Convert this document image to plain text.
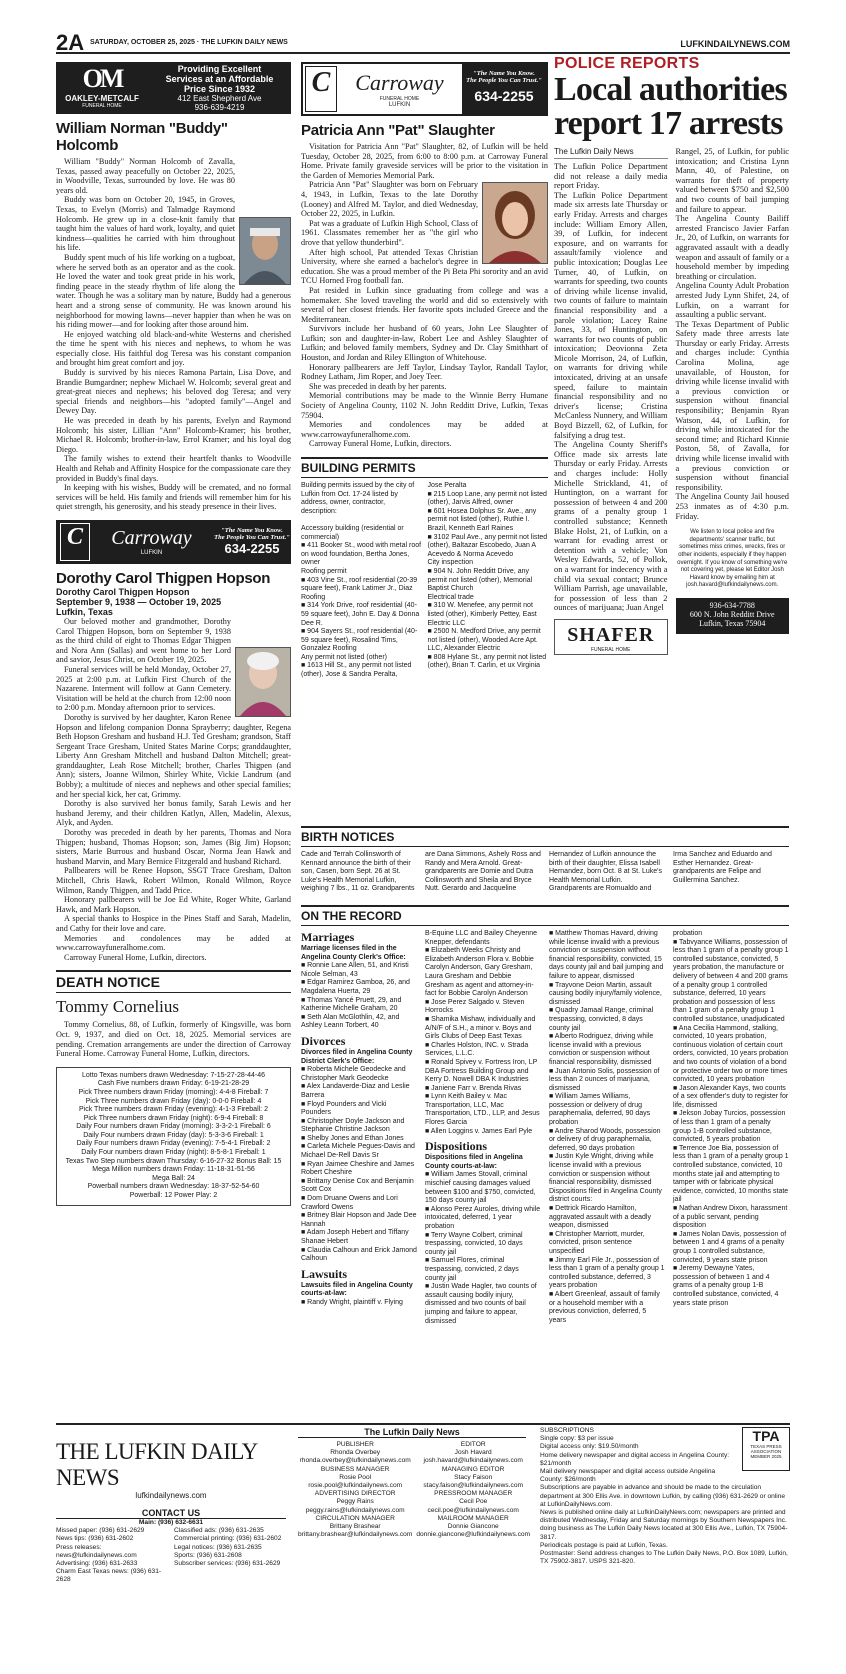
2A SATURDAY, OCTOBER 25, 2025 · THE LUFKIN DAILY NEWS	LUFKINDAILYNEWS.COM
OM
OAKLEY-METCALF
FUNERAL HOME
Providing Excellent
Services at an Affordable
Price Since 1932
412 East Shepherd Ave
936-639-4219
William Norman "Buddy" Holcomb

William "Buddy" Norman Holcomb of Zavalla, Texas, passed away peacefully on October 22, 2025, in Woodville, Texas, surrounded by love. He was 80 years old.

Buddy was born on October 20, 1945, in Groves, Texas, to Evelyn (Morris) and Talmadge Raymond Holcomb. He grew up in a close-knit family that taught him the values of hard work, loyalty, and quiet kindness—qualities he carried with him throughout his life.

Buddy spent much of his life working on a tugboat, where he served both as an operator and as the cook. He loved the water and took great pride in his work, finding peace in the steady rhythm of life along the water. Though he was a solitary man by nature, Buddy had a generous heart and a strong sense of community. He was known around his neighborhood for mowing lawns—never happier than when he was on his riding mower—and for looking after those around him.

He enjoyed watching old black-and-white Westerns and cherished the time he spent with his nieces and nephews, to whom he was especially close. His faithful dog Teresa was his constant companion and brought him great comfort and joy.

Buddy is survived by his nieces Ramona Partain, Lisa Dove, and Brandie Bumgardner; nephew Michael W. Holcomb; several great and great-great nieces and nephews; his beloved dog Teresa; and very special friends and neighbors—his "adopted family"—Angel and Dewey Day.

He was preceded in death by his parents, Evelyn and Raymond Holcomb; his sister, Lillian "Ann" Holcomb-Kramer; his brother, Michael R. Holcomb; brother-in-law, Errol Kramer; and his loyal dog Diego.

The family wishes to extend their heartfelt thanks to Woodville Health and Rehab and Affinity Hospice for the compassionate care they provided in Buddy's final days.

In keeping with his wishes, Buddy will be cremated, and no formal services will be held. His family and friends will remember him for his quiet strength, his generosity, and his steady presence in their lives.

C	Carroway
LUFKIN
"The Name You Know.
The People You Can Trust."
634-2255
Dorothy Carol Thigpen Hopson
Dorothy Carol Thigpen Hopson
September 9, 1938 — October 19, 2025
Lufkin, Texas

Our beloved mother and grandmother, Dorothy Carol Thigpen Hopson, born on September 9, 1938 as the third child of eight to Thomas Edgar Thigpen and Nora Ann (Sallas) and went home to her Lord and savior, Jesus Christ, on October 19, 2025.

Funeral services will be held Monday, October 27, 2025 at 2:00 p.m. at Lufkin First Church of the Nazarene. Interment will follow at Gann Cemetery. Visitation will be held at the church from 12:00 noon to 2:00 p.m. Monday afternoon prior to services.

Dorothy is survived by her daughter, Karon Renee Hopson and lifelong companion Donna Sprayberry; daughter, Regena Beth Hopson Gresham and husband H.J. Ted Gresham; grandson, Staff Sergeant Trace Gresham, United States Marine Corps; granddaughter, Liberty Ann Gresham Mitchell and husband Dalton Mitchell; great-granddaughter, Leah Rose Mitchell; brother, Charles Thigpen (and Ann); sisters, Joanne Wilmon, Shirley White, Vickie Landrum (and Bobby); a multitude of nieces and nephews and other special families; and her special kick, her cat, Grimmy.

Dorothy is also survived her bonus family, Sarah Lewis and her husband Jeremy, and their children Katlyn, Allen, Madelin, Alexus, Alyk, and Ayden.

Dorothy was preceded in death by her parents, Thomas and Nora Thigpen; husband, Thomas Hopson; son, James (Big Jim) Hopson; sisters, Marie Burrous and husband Oscar, Norma Jean Hawk and husband Marvin, and Mary Bernice Fitzgerald and husband Richard.

Pallbearers will be Renee Hopson, SSGT Trace Gresham, Dalton Mitchell, Chris Hawk, Robert Wilmon, Ronald Wilmon, Royce Wilmon, Randy Thigpen, and Tadd Price.

Honorary pallbearers will be Joe Ed White, Roger White, Garland Hawk, and Mark Hopson.

A special thanks to Hospice in the Pines Staff and Sarah, Madelin, and Cathy for their love and care.

Memories and condolences may be added at www.carrowayfuneralhome.com.

Carroway Funeral Home, Lufkin, directors.

DEATH NOTICE
Tommy Cornelius

Tommy Cornelius, 88, of Lufkin, formerly of Kingsville, was born Oct. 9, 1937, and died on Oct. 18, 2025. Memorial services are pending. Cremation arrangements are under the direction of Carroway Funeral Home. Carroway Funeral Home, Lufkin, directors.

Lotto Texas numbers drawn Wednesday: 7-15-27-28-44-46
Cash Five numbers drawn Friday: 6-19-21-28-29
Pick Three numbers drawn Friday (morning): 4-4-8 Fireball: 7
Pick Three numbers drawn Friday (day): 0-0-0 Fireball: 4
Pick Three numbers drawn Friday (evening): 4-1-3 Fireball: 2
Pick Three numbers drawn Friday (night): 6-9-4 Fireball: 8
Daily Four numbers drawn Friday (morning): 3-3-2-1 Fireball: 6
Daily Four numbers drawn Friday (day): 5-3-3-6 Fireball: 1
Daily Four numbers drawn Friday (evening): 7-5-4-1 Fireball: 2
Daily Four numbers drawn Friday (night): 8-5-8-1 Fireball: 1
Texas Two Step numbers drawn Thursday: 6-16-27-32 Bonus Ball: 15
Mega Million numbers drawn Friday: 11-18-31-51-56
Mega Ball: 24
Powerball numbers drawn Wednesday: 18-37-52-54-60
Powerball: 12 Power Play: 2
C	Carroway
FUNERAL HOME
LUFKIN
"The Name You Know.
The People You Can Trust."
634-2255
Patricia Ann "Pat" Slaughter

Visitation for Patricia Ann "Pat" Slaughter, 82, of Lufkin will be held Tuesday, October 28, 2025, from 6:00 to 8:00 p.m. at Carroway Funeral Home. Private family graveside services will be prior to the visitation in the Garden of Memories Memorial Park.

Patricia Ann "Pat" Slaughter was born on February 4, 1943, in Lufkin, Texas to the late Dorothy (Looney) and Alfred M. Taylor, and died Wednesday, October 22, 2025, in Lufkin.

Pat was a graduate of Lufkin High School, Class of 1961. Classmates remember her as "the girl who drove that yellow thunderbird".

After high school, Pat attended Texas Christian University, where she earned a bachelor's degree in education. She was a proud member of the Pi Beta Phi sorority and an avid TCU Horned Frog football fan.

Pat resided in Lufkin since graduating from college and was a homemaker. She loved traveling the world and did so extensively with several of her closest friends. Her favorite spots included Greece and the Mediterranean.

Survivors include her husband of 60 years, John Lee Slaughter of Lufkin; son and daughter-in-law, Robert Lee and Ashley Slaughter of Lufkin; and beloved family members, Sydney and Dr. Clay Smithhart of Houston, and Jordan and Riley Ellington of Whitehouse.

Honorary pallbearers are Jeff Taylor, Lindsay Taylor, Randall Taylor, Rodney Latham, Jim Roper, and Joey Teer.

She was preceded in death by her parents.

Memorial contributions may be made to the Winnie Berry Humane Society of Angelina County, 1102 N. John Redditt Drive, Lufkin, Texas 75904.

Memories and condolences may be added at www.carrowayfuneralhome.com.

Carroway Funeral Home, Lufkin, directors.

BUILDING PERMITS
Building permits issued by the city of Lufkin from Oct. 17-24 listed by address, owner, contractor, description:

Accessory building (residential or commercial)
■ 411 Booker St., wood with metal roof on wood foundation, Bertha Jones, owner
Roofing permit
■ 403 Vine St., roof residential (20-39 square feet), Frank Latimer Jr., Diaz Roofing
■ 314 York Drive, roof residential (40-59 square feet), John E. Day & Donna Dee R.
■ 904 Sayers St., roof residential (40-59 square feet), Rosalind Tims, Gonzalez Roofing
Any permit not listed (other)
■ 1613 Hill St., any permit not listed (other), Jose & Sandra Peralta,
Jose Peralta
■ 215 Loop Lane, any permit not listed (other), Jarvis Alfred, owner
■ 601 Hosea Dolphus Sr. Ave., any permit not listed (other), Ruthie I. Brazil, Kenneth Earl Raines
■ 3102 Paul Ave., any permit not listed (other), Baltazar Escobedo, Juan A Acevedo & Norma Acevedo
City inspection
■ 904 N. John Redditt Drive, any permit not listed (other), Memorial Baptist Church
Electrical trade
■ 310 W. Menefee, any permit not listed (other), Kimberly Pettey, East Electric LLC
■ 2500 N. Medford Drive, any permit not listed (other), Wooded Acre Apt. LLC, Alexander Electric
■ 808 Hylane St., any permit not listed (other), Brian T. Carlin, et ux Virginia
POLICE REPORTS
Local authorities report 17 arrests
The Lufkin Daily News
The Lufkin Police Department did not release a daily media report Friday.
The Lufkin Police Department made six arrests late Thursday or early Friday. Arrests and charges include: William Emory Allen, 39, of Lufkin, for indecent exposure, and on warrants for assault/family violence and public intoxication; Douglas Lee Turner, 40, of Lufkin, on warrants for speeding, two counts of driving while license invalid, two counts of failure to maintain financial responsibility and a parole violation; Lacey Raine Jones, 33, of Huntington, on warrants for two counts of public intoxication; Deovionna Zeta Micole Morrison, 24, of Lufkin, on warrants for driving while intoxicated, driving at an unsafe speed, failure to maintain financial responsibility and no driver's license; Cristina McCanless Nunnery, and William Boyd Bizzell, 62, of Lufkin, for falsifying a drug test.
The Angelina County Sheriff's Office made six arrests late Thursday or early Friday. Arrests and charges include: Holly Michelle Strickland, 41, of Huntington, on a warrant for possession of between 4 and 200 grams of a penalty group 1 controlled substance; Kenneth Blake Holst, 21, of Lufkin, on a warrant for evading arrest or detention with a vehicle; Von Wesley Edwards, 52, of Pollok, on a warrant for indecency with a child via sexual contact; Brunce William Parrish, age unavailable, for possession of less than 2 ounces of marijuana; Juan Angel
SHAFER
FUNERAL HOME
Rangel, 25, of Lufkin, for public intoxication; and Cristina Lynn Mann, 40, of Palestine, on warrants for theft of property valued between $750 and $2,500 and two counts of bail jumping and failure to appear.
The Angelina County Bailiff arrested Francisco Javier Farfan Jr., 20, of Lufkin, on warrants for aggravated assault with a deadly weapon and assault of family or a household member by impeding breathing or circulation.
Angelina County Adult Probation arrested Judy Lynn Shifet, 24, of Lufkin, on a warrant for assaulting a public servant.
The Texas Department of Public Safety made three arrests late Thursday or early Friday. Arrests and charges include: Cynthia Carolina Molina, age unavailable, of Houston, for driving while license invalid with a previous conviction or suspension without financial responsibility; Benjamin Ryan Watson, 44, of Lufkin, for driving while intoxicated for the second time; and Richard Kinnie Poston, 58, of Zavalla, for driving while license invalid with a previous conviction or suspension without financial responsibility.
The Angelina County Jail housed 253 inmates as of 4:30 p.m. Friday.
We listen to local police and fire departments' scanner traffic, but sometimes miss crimes, wrecks, fires or other incidents, especially if they happen overnight. If you know of something we're not covering yet, please let Editor Josh Havard know by emailing him at josh.havard@lufkindailynews.com.
936-634-7788
600 N. John Redditt Drive
Lufkin, Texas 75904
BIRTH NOTICES
Cade and Terrah Collinsworth of Kennard announce the birth of their son, Casen, born Sept. 26 at St. Luke's Health Memorial Lufkin, weighing 7 lbs., 11 oz. Grandparents are Dana Simmons, Ashely Ross and Randy and Mera Arnold. Great-grandparents are Domie and Dutra Collinsworth and Sheila and Bryce Nutt. Gerardo and Jacqueline Hernandez of Lufkin announce the birth of their daughter, Elissa Isabell Hernandez, born Oct. 8 at St. Luke's Health Memorial Lufkin. Grandparents are Romualdo and Irma Sanchez and Eduardo and Esther Hernandez. Great-grandparents are Felipe and Guillermina Sanchez.
ON THE RECORD
Marriages
Marriage licenses filed in the Angelina County Clerk's Office:
■ Ronnie Lane Allen, 51, and Kristi Nicole Selman, 43
■ Edgar Ramirez Gamboa, 26, and Magdalena Huerta, 29
■ Thomas Yancé Pruett, 29, and Katherine Michelle Graham, 20
■ Seth Alan McGlothlin, 42, and Ashley Leann Torbert, 40
Divorces
Divorces filed in Angelina County District Clerk's Office:
■ Roberta Michele Geodecke and Christopher Mark Geodecke
■ Alex Landaverde-Diaz and Leslie Barrera
■ Floyd Pounders and Vicki Pounders
■ Christopher Doyle Jackson and Stephanie Christine Jackson
■ Shelby Jones and Ethan Jones
■ Carleta Michele Pegues-Davis and Michael De-Rell Davis Sr
■ Ryan Jaimee Cheshire and James Robert Cheshire
■ Brittany Denise Cox and Benjamin Scott Cox
■ Dom Druane Owens and Lori Crawford Owens
■ Britney Blair Hopson and Jade Dee Hannah
■ Adam Joseph Hebert and Tiffany Shanae Hebert
■ Claudia Calhoun and Erick Jamond Calhoun
Lawsuits
Lawsuits filed in Angelina County courts-at-law:
■ Randy Wright, plaintiff v. Flying
B-Equine LLC and Bailey Cheyenne Knepper, defendants
■ Elizabeth Weeks Christy and Elizabeth Anderson Flora v. Bobbie Carolyn Anderson, Gary Gresham, Laura Gresham and Debbie Gresham as agent and attorney-in-fact for Bobbie Carolyn Anderson
■ Jose Perez Salgado v. Steven Horrocks
■ Shamika Mishaw, individually and A/N/F of S.H., a minor v. Boys and Girls Clubs of Deep East Texas
■ Charles Holston, INC. v. Strada Services, L.L.C.
■ Ronald Spivey v. Fortress Iron, LP DBA Fortress Building Group and Kerry D. Nowell DBA K Industries
■ Janiene Farr v. Brenda Rivas
■ Lynn Keith Bailey v. Mac Transportation, LLC, Mac Transportation, LTD., LLP, and Jesus Flores Garcia
■ Allen Loggins v. James Earl Pyle
Dispositions
Dispositions filed in Angelina County courts-at-law:
■ William James Stovall, criminal mischief causing damages valued between $100 and $750, convicted, 150 days county jail
■ Alonso Perez Auroles, driving while intoxicated, deferred, 1 year probation
■ Terry Wayne Colbert, criminal trespassing, convicted, 10 days county jail
■ Samuel Flores, criminal trespassing, convicted, 2 days county jail
■ Justin Wade Hagler, two counts of assault causing bodily injury, dismissed and two counts of bail jumping and failure to appear, dismissed
■ Matthew Thomas Havard, driving while license invalid with a previous conviction or suspension without financial responsibility, convicted, 15 days county jail and bail jumping and failure to appear, dismissed
■ Trayvone Deion Martin, assault causing bodily injury/family violence, dismissed
■ Quadry Jamaal Range, criminal trespassing, convicted, 8 days county jail
■ Alberto Rodriguez, driving while license invalid with a previous conviction or suspension without financial responsibility, dismissed
■ Juan Antonio Solis, possession of less than 2 ounces of marijuana, dismissed
■ William James Williams, possession or delivery of drug paraphernalia, deferred, 90 days probation
■ Andre Sharod Woods, possession or delivery of drug paraphernalia, deferred, 90 days probation
■ Justin Kyle Wright, driving while license invalid with a previous conviction or suspension without financial responsibility, dismissed
Dispositions filed in Angelina County district courts:
■ Dettrick Ricardo Hamilton, aggravated assault with a deadly weapon, dismissed
■ Christopher Marriott, murder, convicted, prison sentence unspecified
■ Jimmy Earl File Jr., possession of less than 1 gram of a penalty group 1 controlled substance, deferred, 3 years probation
■ Albert Greenleaf, assault of family or a household member with a previous conviction, deferred, 5 years
probation
■ Tabvyance Williams, possession of less than 1 gram of a penalty group 1 controlled substance, convicted, 5 years probation, the manufacture or delivery of between 4 and 200 grams of a penalty group 1 controlled substance, deferred, 10 years probation and possession of less than 1 gram of a penalty group 1 controlled substance, unadjudicated
■ Ana Cecilia Hammond, stalking, convicted, 10 years probation, continuous violation of certain court orders, convicted, 10 years probation and two counts of violation of a bond or protective order two or more times convicted, 10 years probation
■ Jason Alexander Kays, two counts of a sex offender's duty to register for life, dismissed
■ Jekson Jobay Turcios, possession of less than 1 gram of a penalty group 1-B controlled substance, convicted, 5 years probation
■ Terrence Joe Bia, possession of less than 1 gram of a penalty group 1 controlled substance, convicted, 10 months state jail and attempting to tamper with or fabricate physical evidence, convicted, 10 months state jail
■ Nathan Andrew Dixon, harassment of a public servant, pending disposition
■ James Nolan Davis, possession of between 1 and 4 grams of a penalty group 1 controlled substance, convicted, 9 years state prison
■ Jeremy Dewayne Yates, possession of between 1 and 4 grams of a penalty group 1-B controlled substance, convicted, 4 years state prison
THE LUFKIN DAILY NEWS
lufkindailynews.com
CONTACT US
Main: (936) 632-6631
Missed paper: (936) 631-2629
News tips: (936) 631-2602
Press releases: news@lufkindailynews.com
Advertising: (936) 631-2633
Charm East Texas news: (936) 631-2628
Classified ads: (936) 631-2635
Commercial printing: (936) 631-2602
Legal notices: (936) 631-2635
Sports: (936) 631-2608
Subscriber services: (936) 631-2629
The Lufkin Daily News
PUBLISHER
Rhonda Overbey
rhonda.overbey@lufkindailynews.com
BUSINESS MANAGER
Rosie Pool
rosie.pool@lufkindailynews.com
ADVERTISING DIRECTOR
Peggy Rains
peggy.rains@lufkindailynews.com
CIRCULATION MANAGER
Brittany Brashear
brittany.brashear@lufkindailynews.com
EDITOR
Josh Havard
josh.havard@lufkindailynews.com
MANAGING EDITOR
Stacy Faison
stacy.faison@lufkindailynews.com
PRESSROOM MANAGER
Cecil Poe
cecil.poe@lufkindailynews.com
MAILROOM MANAGER
Donnie Giancone
donnie.giancone@lufkindailynews.com
TPA
TEXAS PRESS ASSOCIATION
MEMBER 2025
SUBSCRIPTIONS
Single copy: $3 per issue
Digital access only: $19.50/month
Home delivery newspaper and digital access in Angelina County: $21/month
Mail delivery newspaper and digital access outside Angelina County: $26/month
Subscriptions are payable in advance and should be made to the circulation department at 300 Ellis Ave. in downtown Lufkin, by calling (936) 631-2629 or online at LufkinDailyNews.com.
News is published online daily at LufkinDailyNews.com; newspapers are printed and distributed Wednesday, Friday and Saturday mornings by Southern Newspapers Inc. doing business as The Lufkin Daily News located at 300 Ellis Ave., Lufkin, TX 75904-3817.
Periodicals postage is paid at Lufkin, Texas.
Postmaster: Send address changes to The Lufkin Daily News, P.O. Box 1089, Lufkin, TX 75902-3817. USPS 321-820.
